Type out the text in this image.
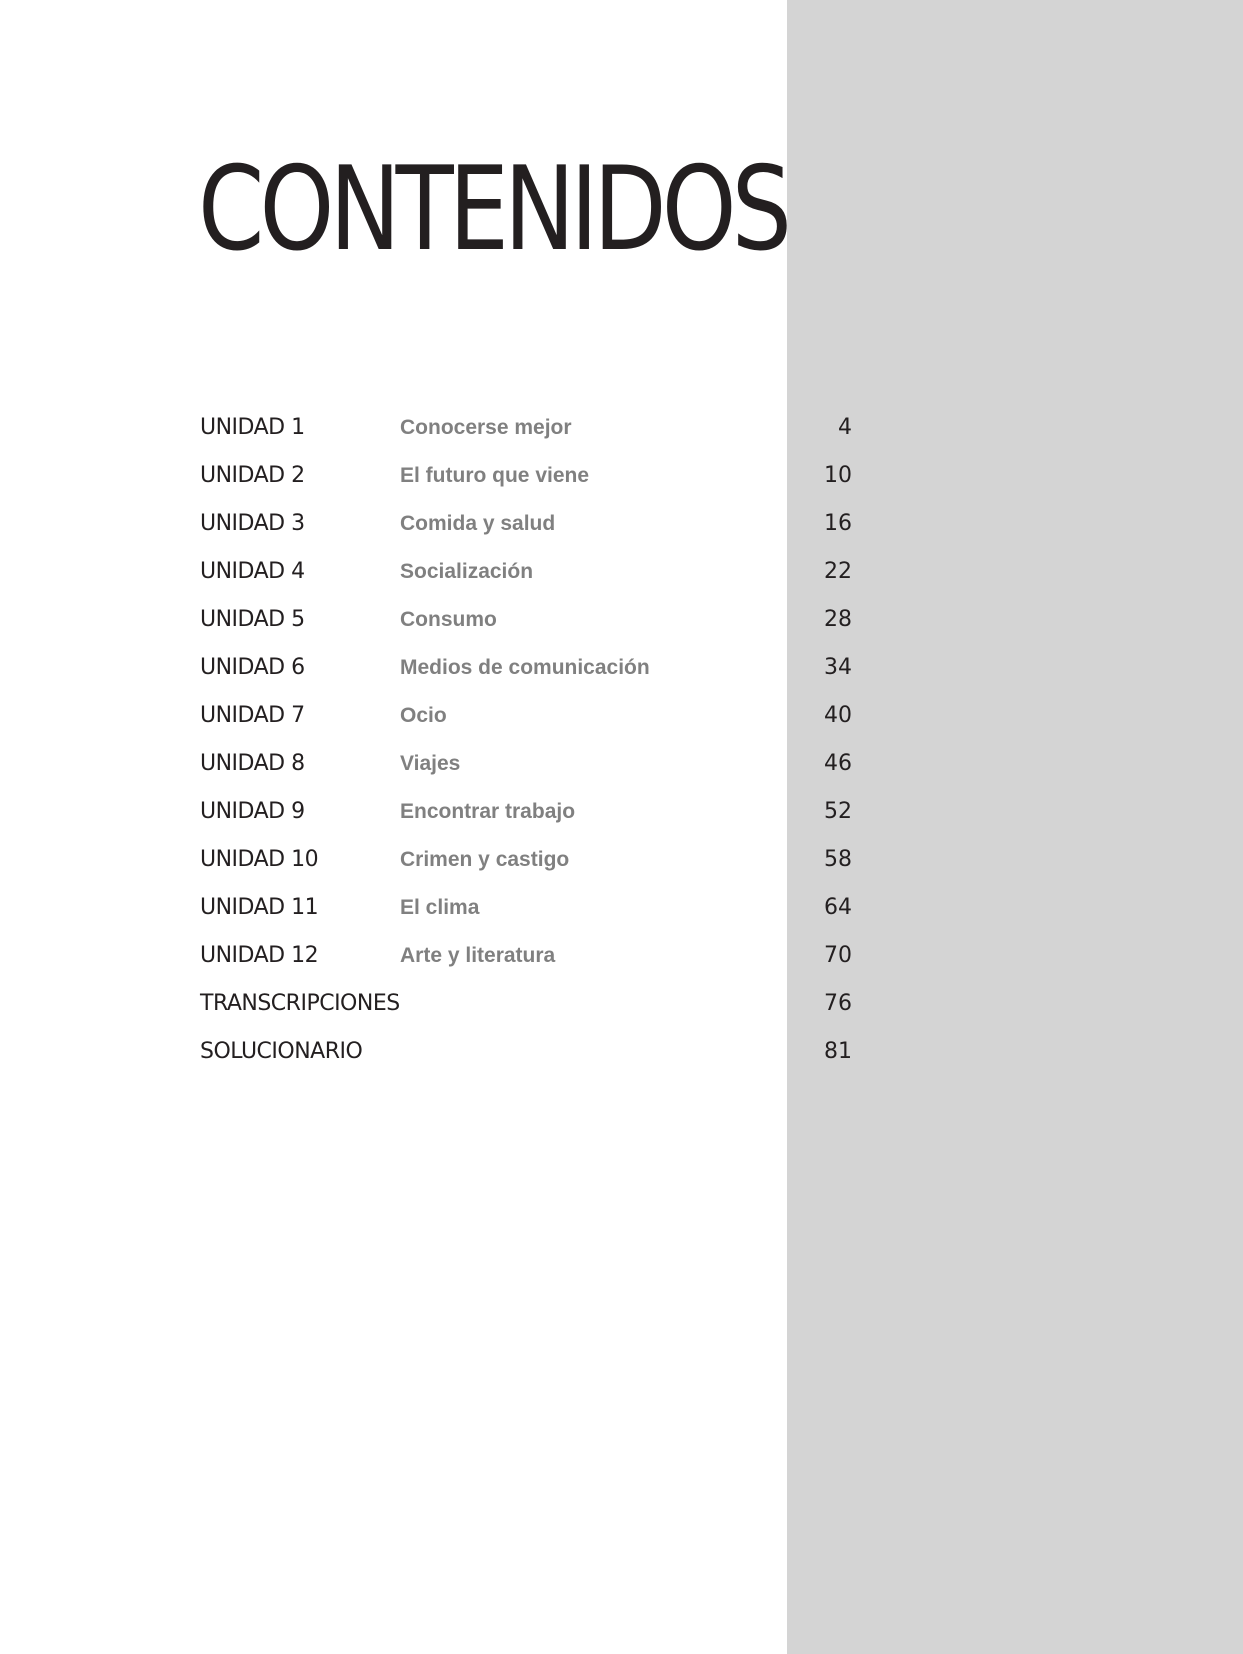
CONTENIDOS
UNIDAD 1	Conocerse mejor	4
UNIDAD 2	El futuro que viene	10
UNIDAD 3	Comida y salud	16
UNIDAD 4	Socialización	22
UNIDAD 5	Consumo	28
UNIDAD 6	Medios de comunicación	34
UNIDAD 7	Ocio	40
UNIDAD 8	Viajes	46
UNIDAD 9	Encontrar trabajo	52
UNIDAD 10	Crimen y castigo	58
UNIDAD 11	El clima	64
UNIDAD 12	Arte y literatura	70
TRANSCRIPCIONES	76
SOLUCIONARIO	81
